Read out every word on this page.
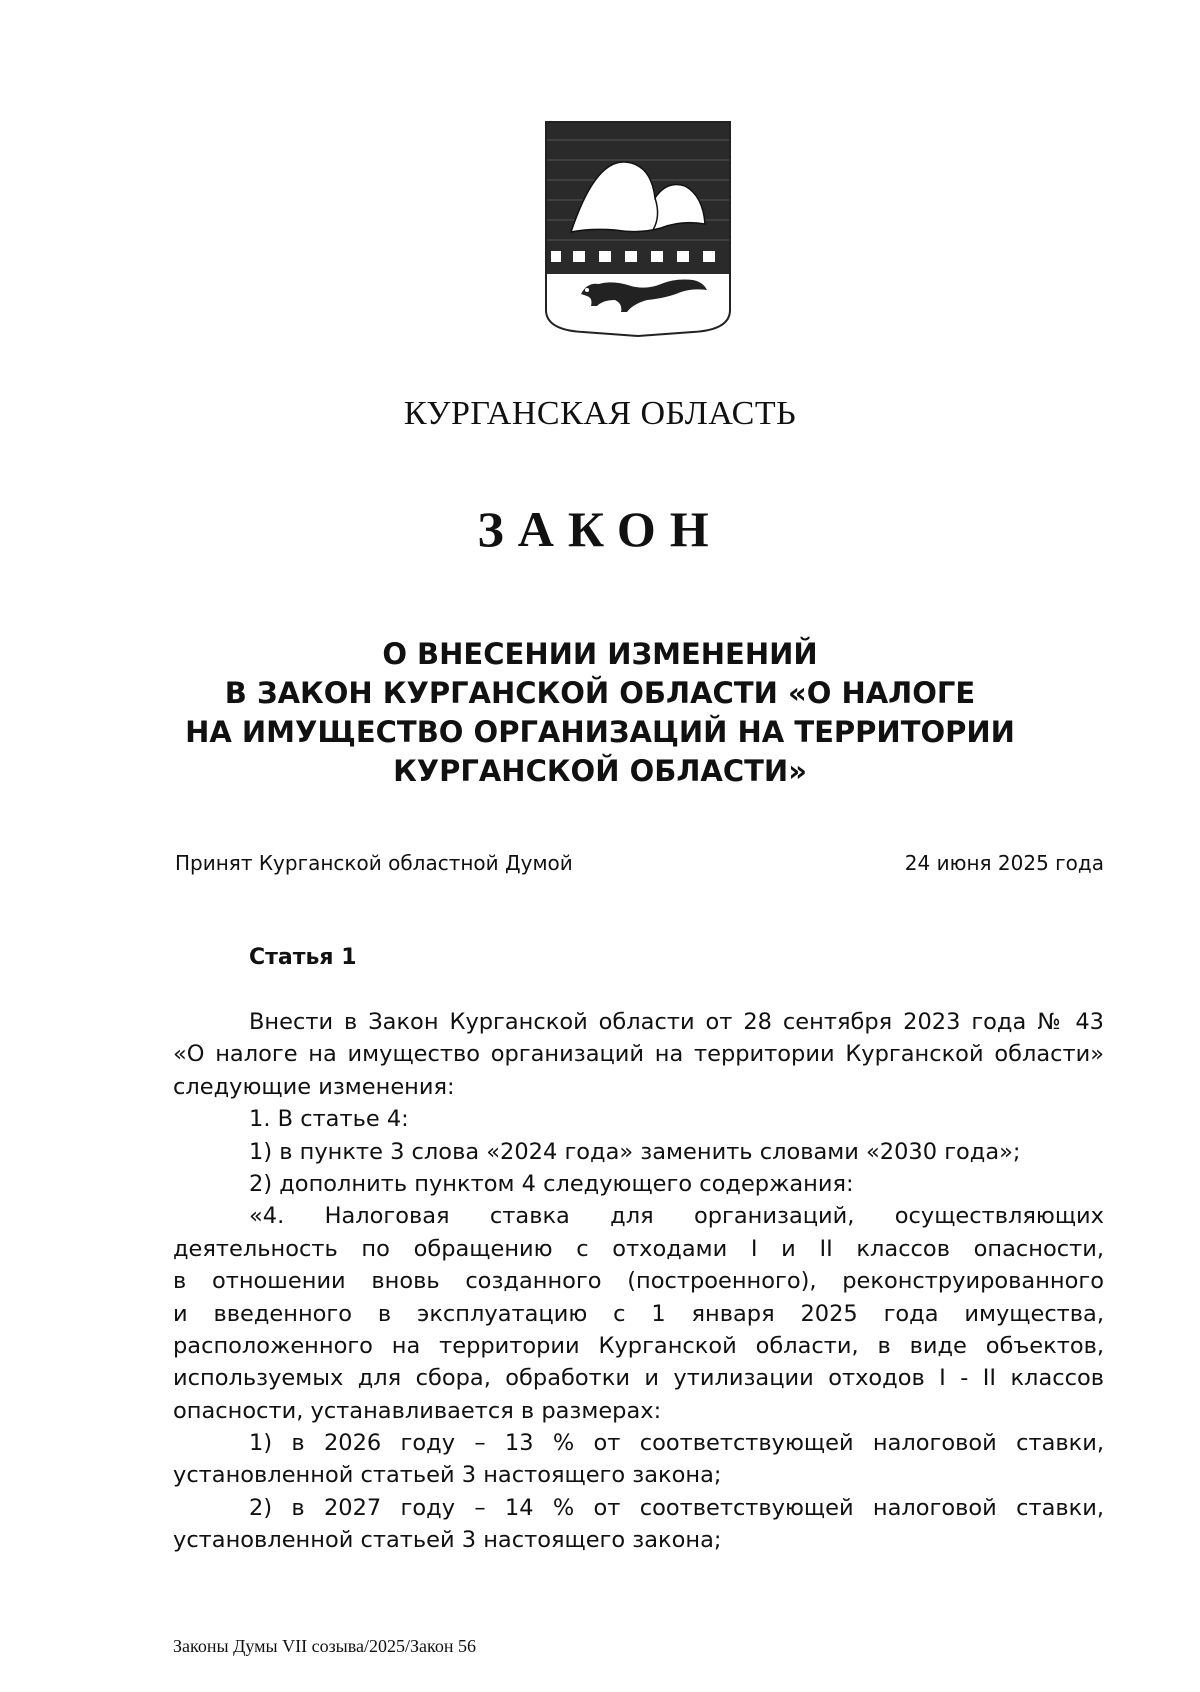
КУРГАНСКАЯ ОБЛАСТЬ
ЗАКОН
О ВНЕСЕНИИ ИЗМЕНЕНИЙ
В ЗАКОН КУРГАНСКОЙ ОБЛАСТИ «О НАЛОГЕ
НА ИМУЩЕСТВО ОРГАНИЗАЦИЙ НА ТЕРРИТОРИИ
КУРГАНСКОЙ ОБЛАСТИ»
Принят Курганской областной Думой	24 июня 2025 года
Статья 1
Внести в Закон Курганской области от 28 сентября 2023 года № 43
«О налоге на имущество организаций на территории Курганской области»
следующие изменения:
1. В статье 4:
1) в пункте 3 слова «2024 года» заменить словами «2030 года»;
2) дополнить пунктом 4 следующего содержания:
«4. Налоговая ставка для организаций, осуществляющих
деятельность по обращению с отходами I и II классов опасности,
в отношении вновь созданного (построенного), реконструированного
и введенного в эксплуатацию с 1 января 2025 года имущества,
расположенного на территории Курганской области, в виде объектов,
используемых для сбора, обработки и утилизации отходов I - II классов
опасности, устанавливается в размерах:
1) в 2026 году – 13 % от соответствующей налоговой ставки,
установленной статьей 3 настоящего закона;
2) в 2027 году – 14 % от соответствующей налоговой ставки,
установленной статьей 3 настоящего закона;
Законы Думы VII созыва/2025/Закон 56
